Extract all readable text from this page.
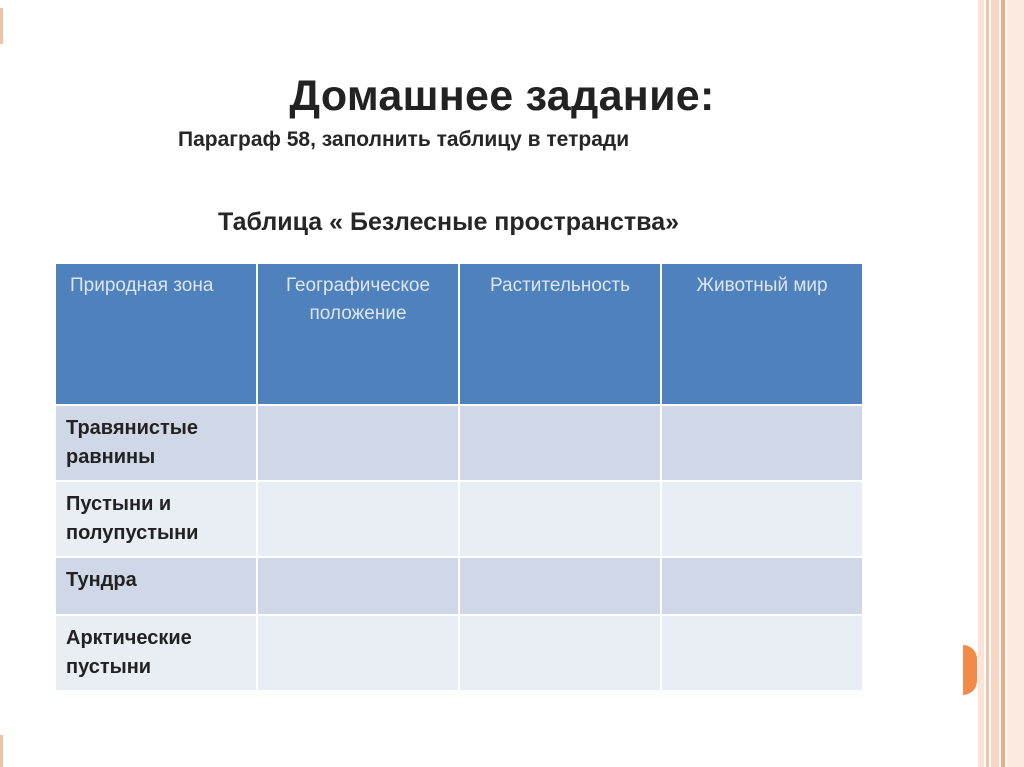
Домашнее задание:
Параграф 58, заполнить таблицу в тетради
Таблица « Безлесные пространства»
Природная зона	Географическое положение	Растительность	Животный мир
Травянистые равнины			
Пустыни и полупустыни			
Тундра			
Арктические пустыни			
